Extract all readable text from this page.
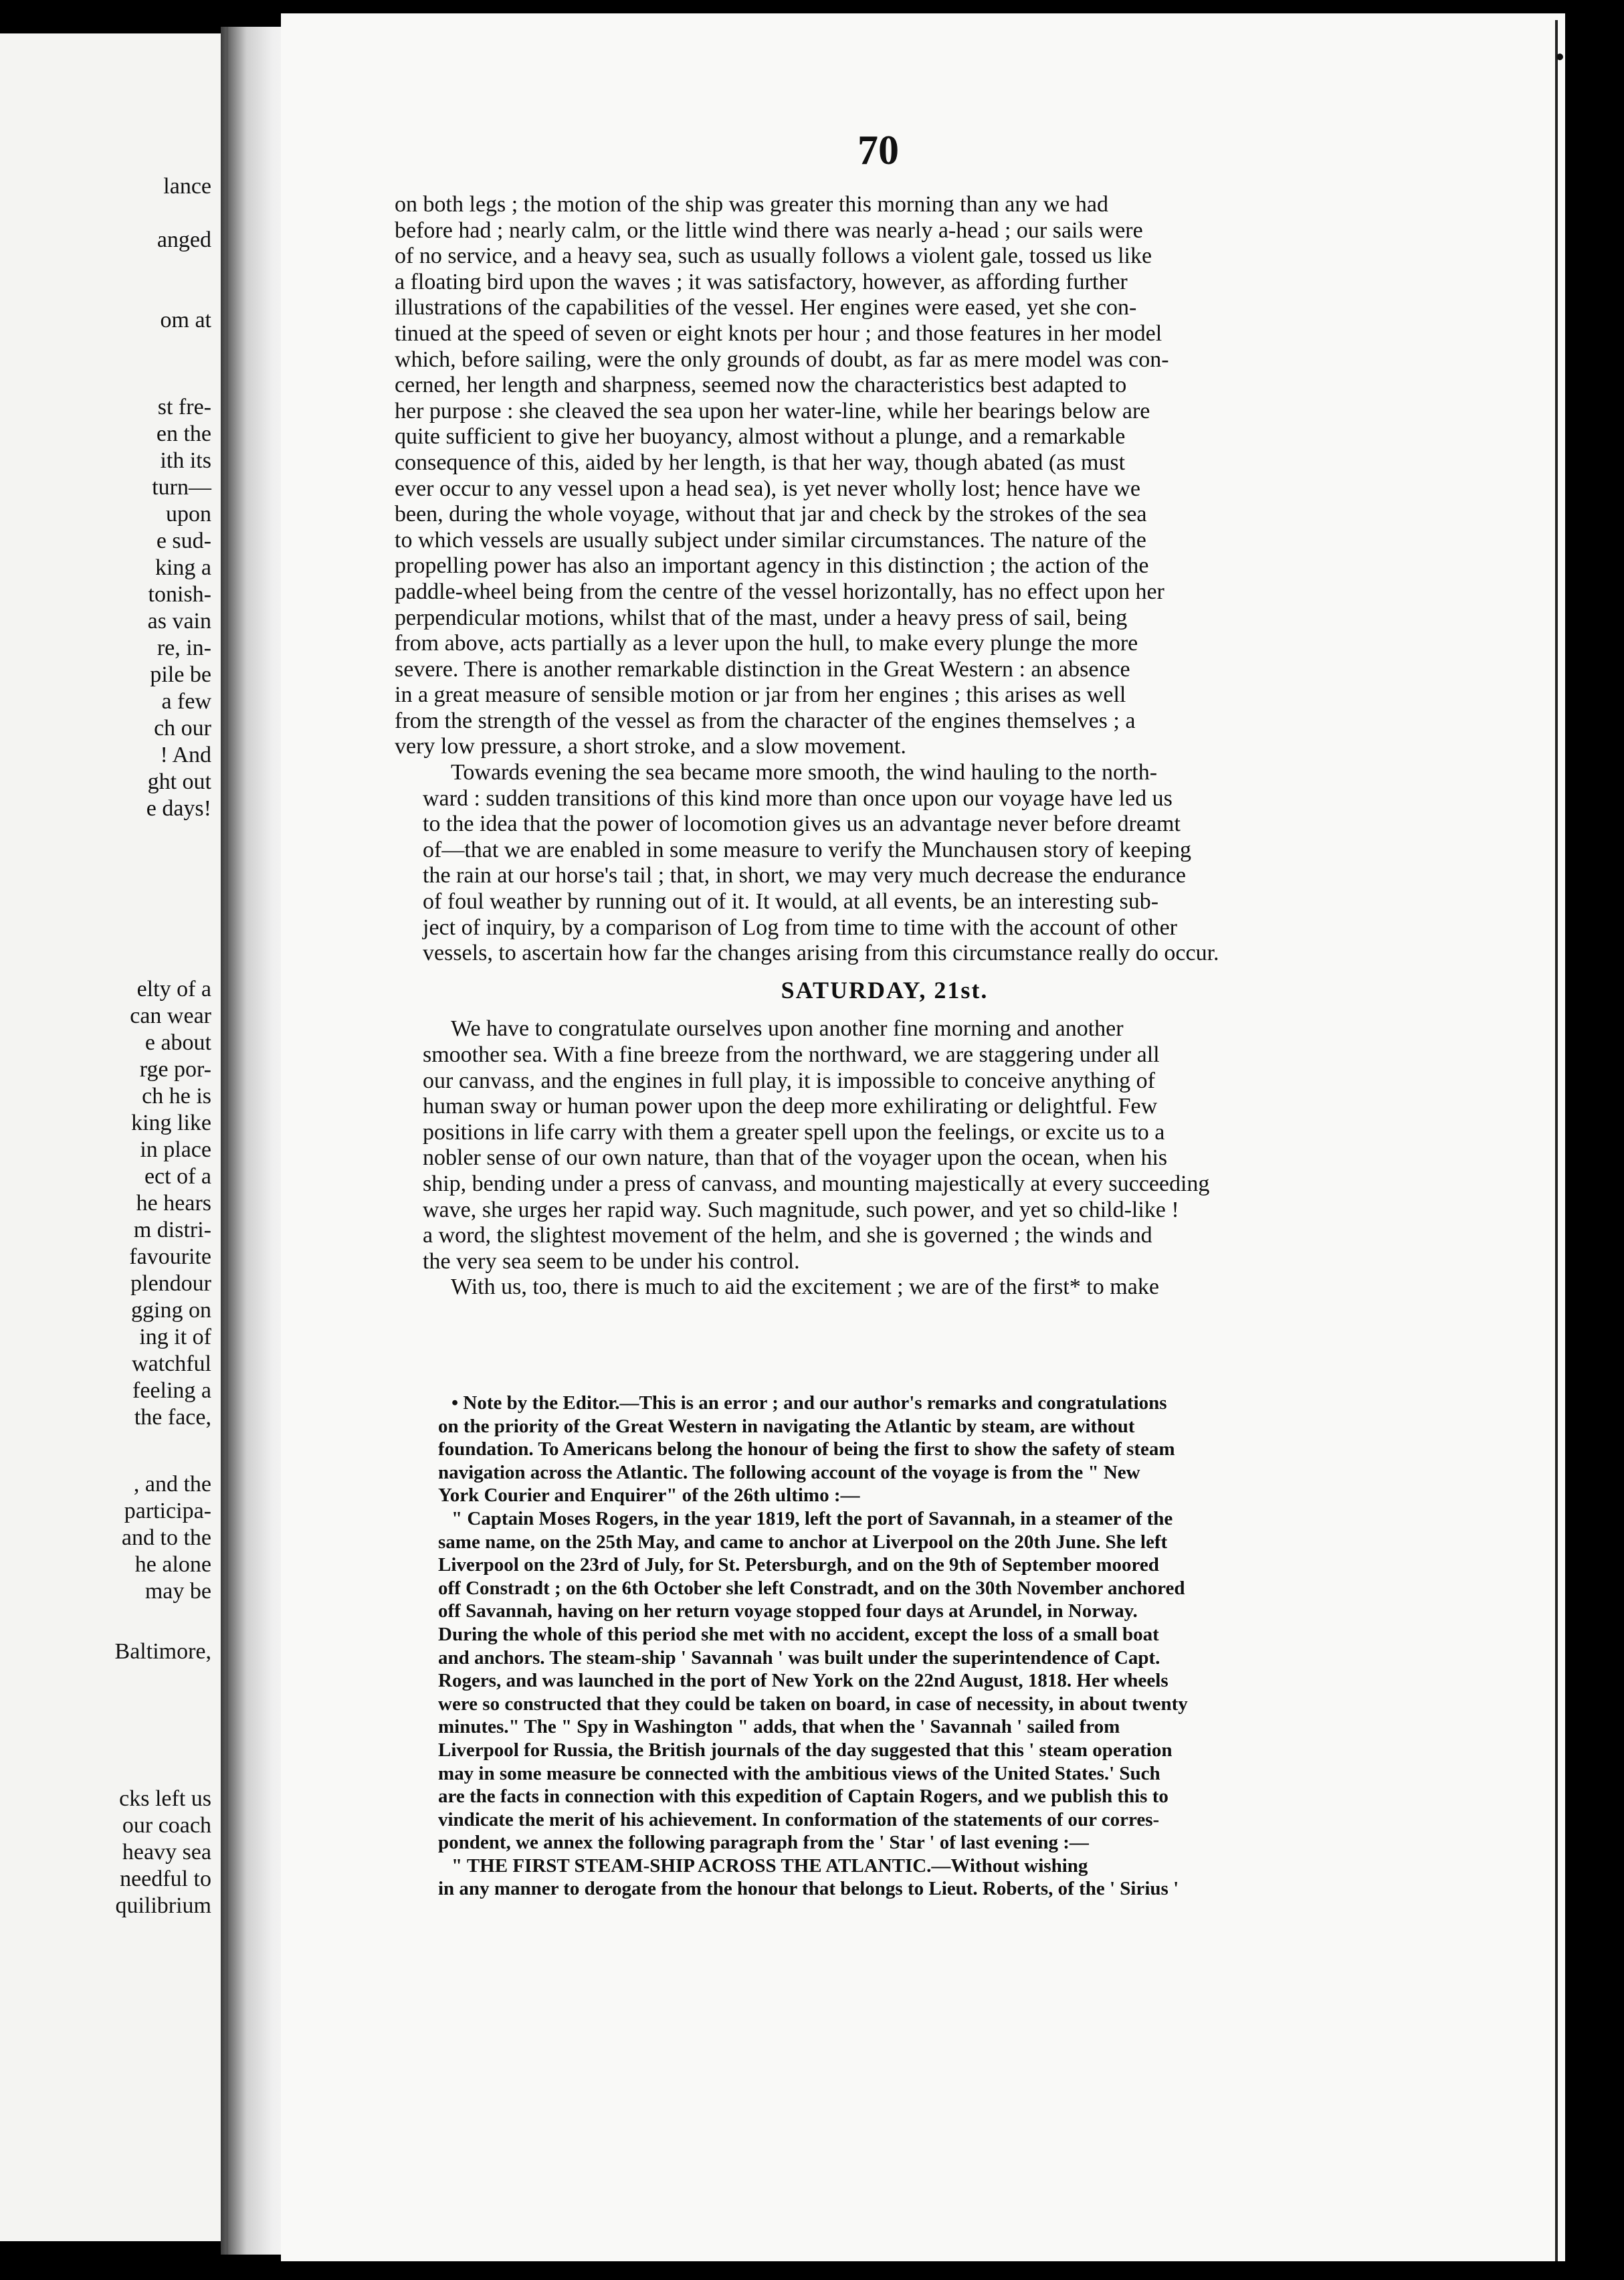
lance
anged
om at
st fre-
en the
ith its
turn—
upon
e sud-
king a
tonish-
as vain
re, in-
pile be
a few
ch our
! And
ght out
e days!
elty of a
can wear
e about
rge por-
ch he is
king like
in place
ect of a
he hears
m distri-
favourite
plendour
gging on
ing it of
watchful
feeling a
the face,
, and the
participa-
and to the
he alone
may be
Baltimore,
cks left us
our coach
heavy sea
needful to
quilibrium
70
on both legs ; the motion of the ship was greater this morning than any we had
before had ; nearly calm, or the little wind there was nearly a-head ; our sails were
of no service, and a heavy sea, such as usually follows a violent gale, tossed us like
a floating bird upon the waves ; it was satisfactory, however, as affording further
illustrations of the capabilities of the vessel. Her engines were eased, yet she con-
tinued at the speed of seven or eight knots per hour ; and those features in her model
which, before sailing, were the only grounds of doubt, as far as mere model was con-
cerned, her length and sharpness, seemed now the characteristics best adapted to
her purpose : she cleaved the sea upon her water-line, while her bearings below are
quite sufficient to give her buoyancy, almost without a plunge, and a remarkable
consequence of this, aided by her length, is that her way, though abated (as must
ever occur to any vessel upon a head sea), is yet never wholly lost; hence have we
been, during the whole voyage, without that jar and check by the strokes of the sea
to which vessels are usually subject under similar circumstances. The nature of the
propelling power has also an important agency in this distinction ; the action of the
paddle-wheel being from the centre of the vessel horizontally, has no effect upon her
perpendicular motions, whilst that of the mast, under a heavy press of sail, being
from above, acts partially as a lever upon the hull, to make every plunge the more
severe. There is another remarkable distinction in the Great Western : an absence
in a great measure of sensible motion or jar from her engines ; this arises as well
from the strength of the vessel as from the character of the engines themselves ; a
very low pressure, a short stroke, and a slow movement.
Towards evening the sea became more smooth, the wind hauling to the north-
ward : sudden transitions of this kind more than once upon our voyage have led us
to the idea that the power of locomotion gives us an advantage never before dreamt
of—that we are enabled in some measure to verify the Munchausen story of keeping
the rain at our horse's tail ; that, in short, we may very much decrease the endurance
of foul weather by running out of it. It would, at all events, be an interesting sub-
ject of inquiry, by a comparison of Log from time to time with the account of other
vessels, to ascertain how far the changes arising from this circumstance really do occur.
SATURDAY, 21st.
We have to congratulate ourselves upon another fine morning and another
smoother sea. With a fine breeze from the northward, we are staggering under all
our canvass, and the engines in full play, it is impossible to conceive anything of
human sway or human power upon the deep more exhilirating or delightful. Few
positions in life carry with them a greater spell upon the feelings, or excite us to a
nobler sense of our own nature, than that of the voyager upon the ocean, when his
ship, bending under a press of canvass, and mounting majestically at every succeeding
wave, she urges her rapid way. Such magnitude, such power, and yet so child-like !
a word, the slightest movement of the helm, and she is governed ; the winds and
the very sea seem to be under his control.
With us, too, there is much to aid the excitement ; we are of the first* to make
• Note by the Editor.—This is an error ; and our author's remarks and congratulations
on the priority of the Great Western in navigating the Atlantic by steam, are without
foundation. To Americans belong the honour of being the first to show the safety of steam
navigation across the Atlantic. The following account of the voyage is from the " New
York Courier and Enquirer" of the 26th ultimo :—
" Captain Moses Rogers, in the year 1819, left the port of Savannah, in a steamer of the
same name, on the 25th May, and came to anchor at Liverpool on the 20th June. She left
Liverpool on the 23rd of July, for St. Petersburgh, and on the 9th of September moored
off Constradt ; on the 6th October she left Constradt, and on the 30th November anchored
off Savannah, having on her return voyage stopped four days at Arundel, in Norway.
During the whole of this period she met with no accident, except the loss of a small boat
and anchors. The steam-ship ' Savannah ' was built under the superintendence of Capt.
Rogers, and was launched in the port of New York on the 22nd August, 1818. Her wheels
were so constructed that they could be taken on board, in case of necessity, in about twenty
minutes." The " Spy in Washington " adds, that when the ' Savannah ' sailed from
Liverpool for Russia, the British journals of the day suggested that this ' steam operation
may in some measure be connected with the ambitious views of the United States.' Such
are the facts in connection with this expedition of Captain Rogers, and we publish this to
vindicate the merit of his achievement. In conformation of the statements of our corres-
pondent, we annex the following paragraph from the ' Star ' of last evening :—
" THE FIRST STEAM-SHIP ACROSS THE ATLANTIC.—Without wishing
in any manner to derogate from the honour that belongs to Lieut. Roberts, of the ' Sirius '
